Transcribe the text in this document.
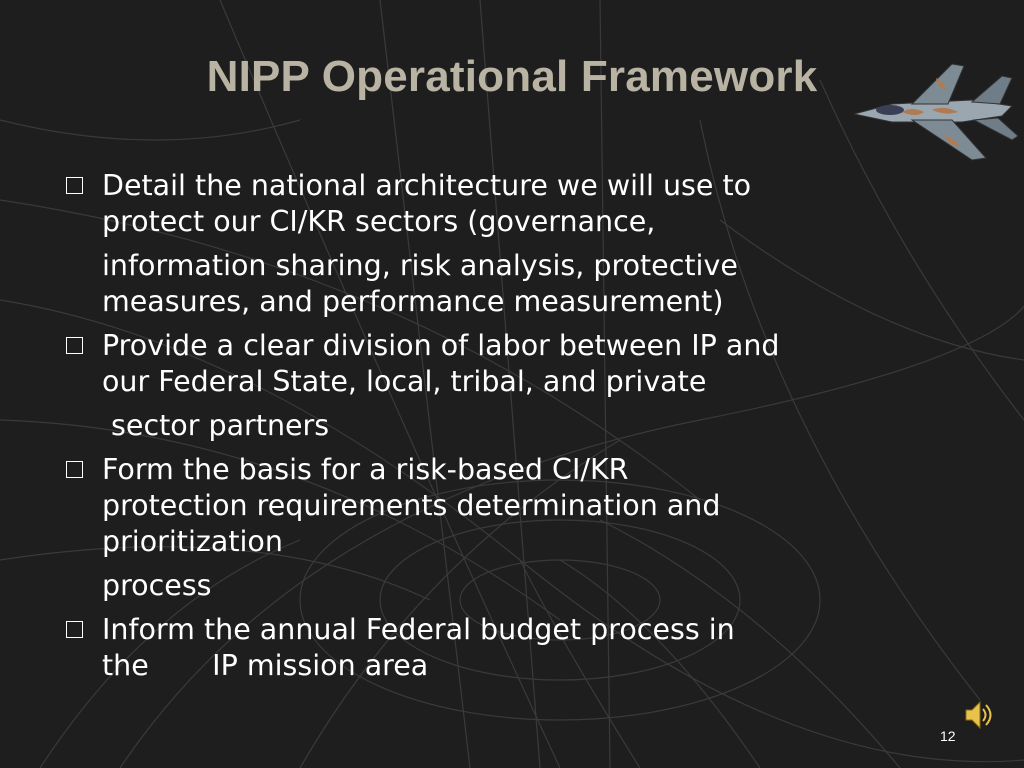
NIPP Operational Framework
Detail the national architecture we will use to
protect our CI/KR sectors (governance,
information sharing, risk analysis, protective
measures, and performance measurement)
Provide a clear division of labor between IP and
our Federal State, local, tribal, and private
sector partners
Form the basis for a risk-based CI/KR
protection requirements determination and
prioritization
process
Inform the annual Federal budget process in
the       IP mission area
12
